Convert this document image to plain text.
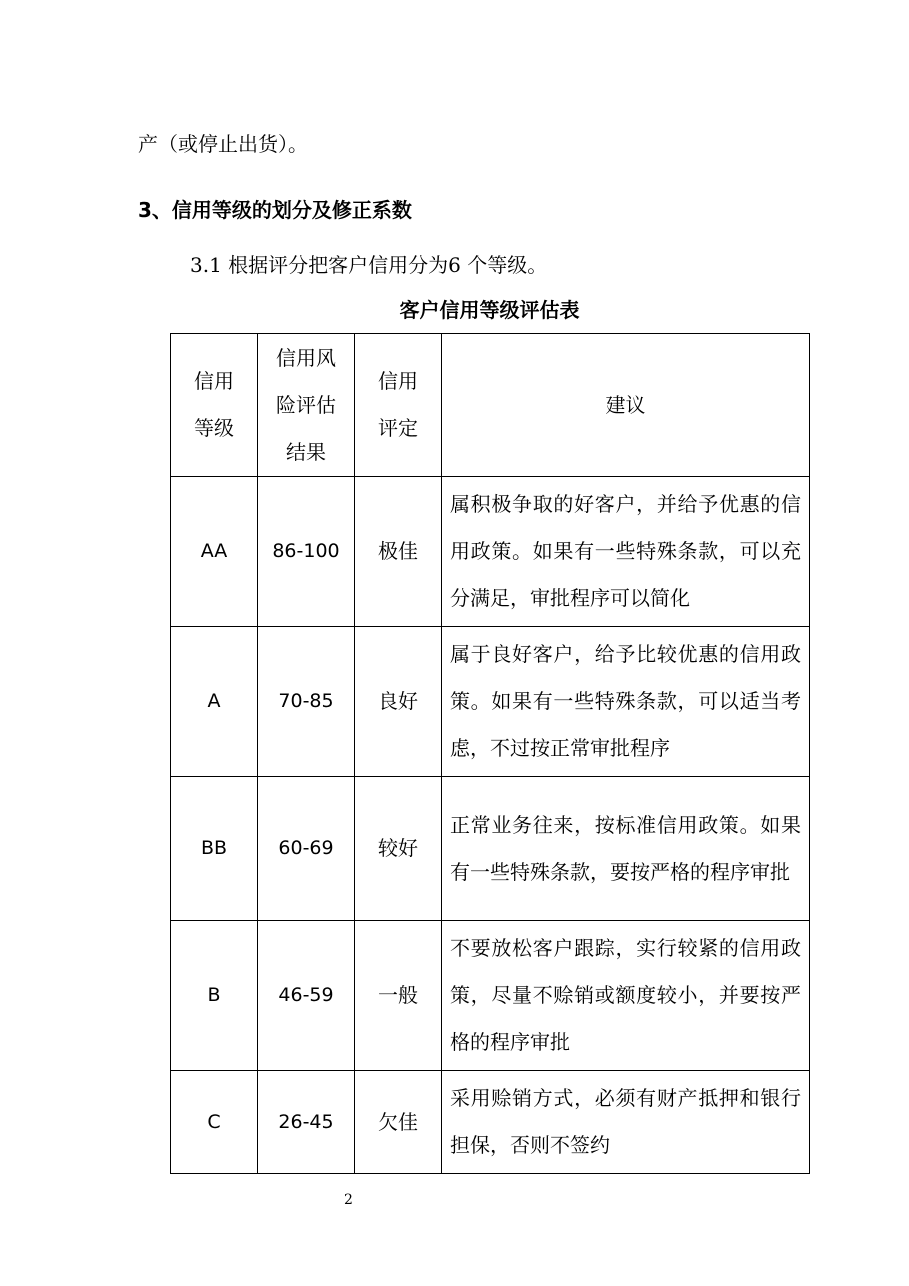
产（或停止出货）。
3、信用等级的划分及修正系数
3.1 根据评分把客户信用分为6 个等级。
客户信用等级评估表
信用等级	信用风险评估结果	信用评定	建议
AA	86-100	极佳	属积极争取的好客户，并给予优惠的信用政策。如果有一些特殊条款，可以充分满足，审批程序可以简化
A	70-85	良好	属于良好客户，给予比较优惠的信用政策。如果有一些特殊条款，可以适当考虑，不过按正常审批程序
BB	60-69	较好	正常业务往来，按标准信用政策。如果有一些特殊条款，要按严格的程序审批
B	46-59	一般	不要放松客户跟踪，实行较紧的信用政策，尽量不赊销或额度较小，并要按严格的程序审批
C	26-45	欠佳	采用赊销方式，必须有财产抵押和银行担保，否则不签约
2
